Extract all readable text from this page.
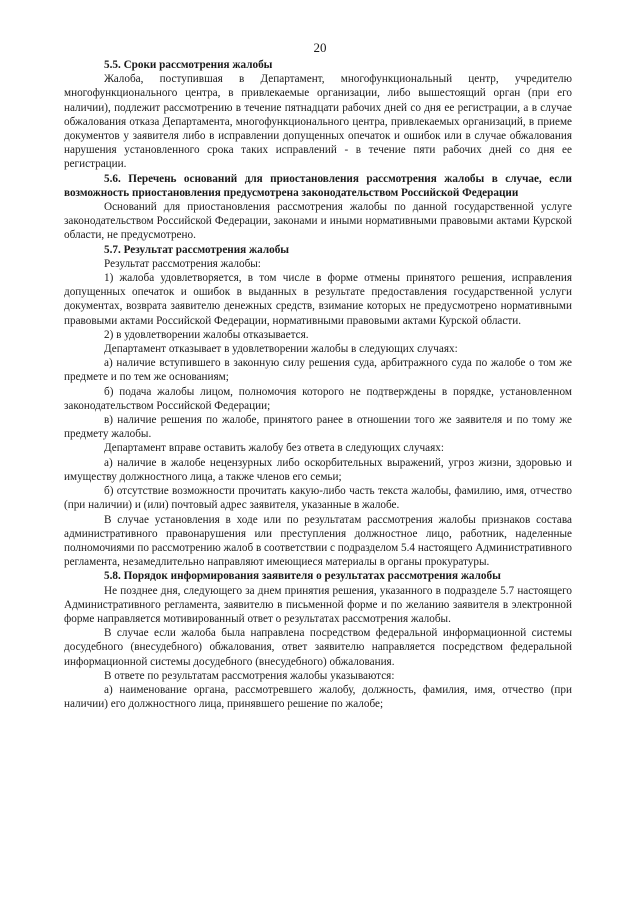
20

5.5. Сроки рассмотрения жалобы

Жалоба, поступившая в Департамент, многофункциональный центр, учредителю многофункционального центра, в привлекаемые организации, либо вышестоящий орган (при его наличии), подлежит рассмотрению в течение пятнадцати рабочих дней со дня ее регистрации, а в случае обжалования отказа Департамента, многофункционального центра, привлекаемых организаций, в приеме документов у заявителя либо в исправлении допущенных опечаток и ошибок или в случае обжалования нарушения установленного срока таких исправлений - в течение пяти рабочих дней со дня ее регистрации.

5.6. Перечень оснований для приостановления рассмотрения жалобы в случае, если возможность приостановления предусмотрена законодательством Российской Федерации

Оснований для приостановления рассмотрения жалобы по данной государственной услуге законодательством Российской Федерации, законами и иными нормативными правовыми актами Курской области, не предусмотрено.

5.7. Результат рассмотрения жалобы

Результат рассмотрения жалобы:

1) жалоба удовлетворяется, в том числе в форме отмены принятого решения, исправления допущенных опечаток и ошибок в выданных в результате предоставления государственной услуги документах, возврата заявителю денежных средств, взимание которых не предусмотрено нормативными правовыми актами Российской Федерации, нормативными правовыми актами Курской области.

2) в удовлетворении жалобы отказывается.

Департамент отказывает в удовлетворении жалобы в следующих случаях:

а) наличие вступившего в законную силу решения суда, арбитражного суда по жалобе о том же предмете и по тем же основаниям;

б) подача жалобы лицом, полномочия которого не подтверждены в порядке, установленном законодательством Российской Федерации;

в) наличие решения по жалобе, принятого ранее в отношении того же заявителя и по тому же предмету жалобы.

Департамент вправе оставить жалобу без ответа в следующих случаях:

а) наличие в жалобе нецензурных либо оскорбительных выражений, угроз жизни, здоровью и имуществу должностного лица, а также членов его семьи;

б) отсутствие возможности прочитать какую-либо часть текста жалобы, фамилию, имя, отчество (при наличии) и (или) почтовый адрес заявителя, указанные в жалобе.

В случае установления в ходе или по результатам рассмотрения жалобы признаков состава административного правонарушения или преступления должностное лицо, работник, наделенные полномочиями по рассмотрению жалоб в соответствии с подразделом 5.4 настоящего Административного регламента, незамедлительно направляют имеющиеся материалы в органы прокуратуры.

5.8. Порядок информирования заявителя о результатах рассмотрения жалобы

Не позднее дня, следующего за днем принятия решения, указанного в подразделе 5.7 настоящего Административного регламента, заявителю в письменной форме и по желанию заявителя в электронной форме направляется мотивированный ответ о результатах рассмотрения жалобы.

В случае если жалоба была направлена посредством федеральной информационной системы досудебного (внесудебного) обжалования, ответ заявителю направляется посредством федеральной информационной системы досудебного (внесудебного) обжалования.

В ответе по результатам рассмотрения жалобы указываются:

а) наименование органа, рассмотревшего жалобу, должность, фамилия, имя, отчество (при наличии) его должностного лица, принявшего решение по жалобе;
